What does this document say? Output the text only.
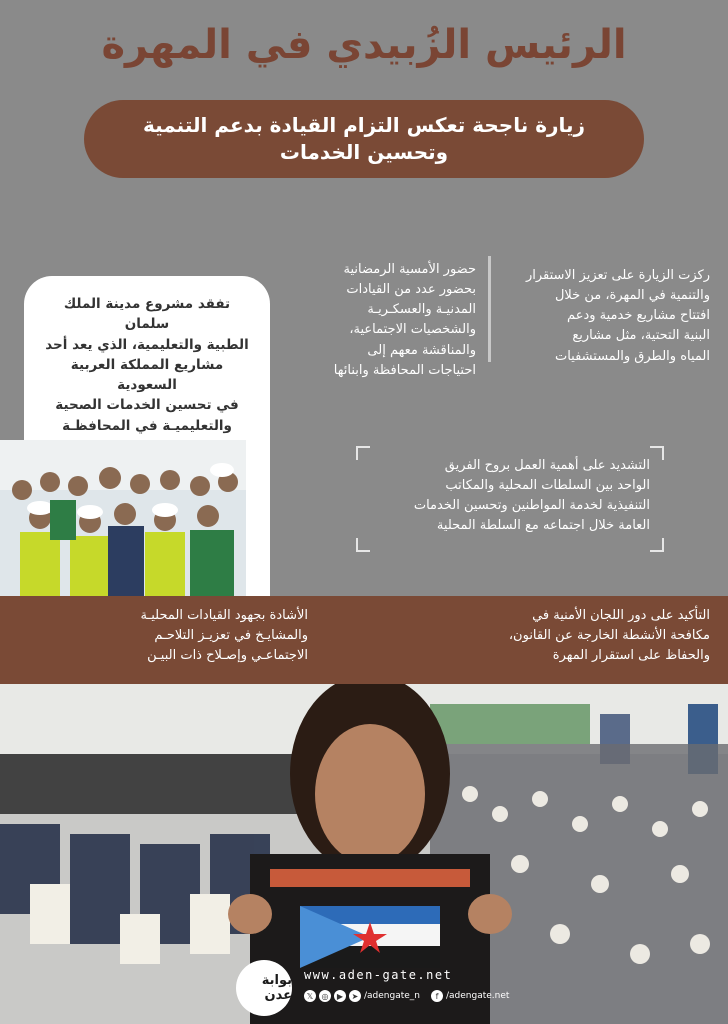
الرئيس الزُبيدي في المهرة
زيارة ناجحة تعكس التزام القيادة بدعم التنمية
وتحسين الخدمات
ركزت الزيارة على تعزيز الاستقرار
والتنمية في المهرة، من خلال
افتتاح مشاريع خدمية ودعم
البنية التحتية، مثل مشاريع
المياه والطرق والمستشفيات
حضور الأمسية الرمضانية
بحضور عدد من القيادات
المدنيـة والعسكـريـة
والشخصيات الاجتماعية،
والمناقشة معهم إلى
احتياجات المحافظة وابنائها
تفقد مشروع مدينة الملك سلمان
الطبية والتعليمية، الذي يعد أحد
مشاريع المملكة العربية السعودية
في تحسين الخدمات الصحية
والتعليميـة في المحافظـة
التشديد على أهمية العمل بروح الفريق
الواحد بين السلطات المحلية والمكاتب
التنفيذية لخدمة المواطنين وتحسين الخدمات
العامة خلال اجتماعه مع السلطة المحلية
التأكيد على دور اللجان الأمنية في
مكافحة الأنشطة الخارجة عن القانون،
والحفاظ على استقرار المهرة
الأشادة بجهود القيادات المحليـة
والمشايـخ في تعزيـز التلاحـم
الاجتماعـي وإصـلاح ذات البيـن
بوابة عدن
www.aden-gate.net
𝕏	◎	▶	➤ /adengate_n	f /adengate.net
